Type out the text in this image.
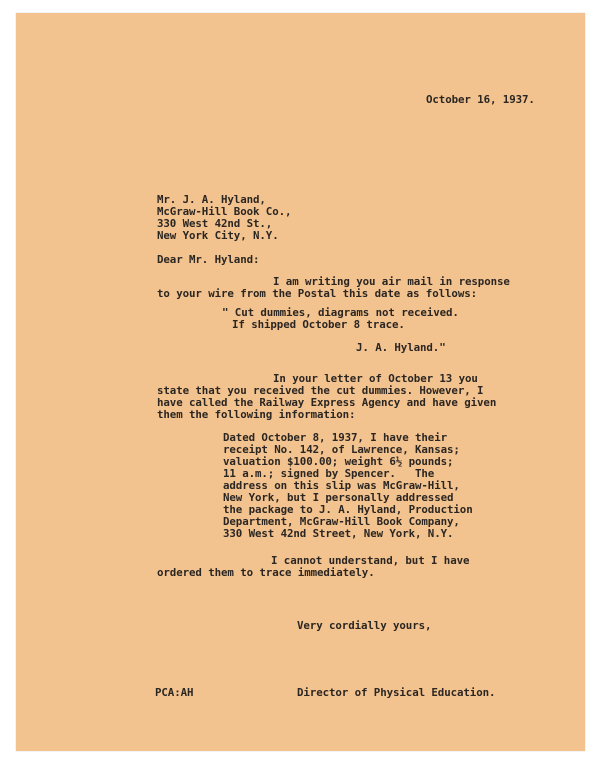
October 16, 1937.
Mr. J. A. Hyland,
McGraw-Hill Book Co.,
330 West 42nd St.,
New York City, N.Y.
Dear Mr. Hyland:
I am writing you air mail in response
to your wire from the Postal this date as follows:
" Cut dummies, diagrams not received.
If shipped October 8 trace.
J. A. Hyland."
In your letter of October 13 you
state that you received the cut dummies. However, I
have called the Railway Express Agency and have given
them the following information:
Dated October 8, 1937, I have their
receipt No. 142, of Lawrence, Kansas;
valuation $100.00; weight 6½ pounds;
11 a.m.; signed by Spencer.   The
address on this slip was McGraw-Hill,
New York, but I personally addressed
the package to J. A. Hyland, Production
Department, McGraw-Hill Book Company,
330 West 42nd Street, New York, N.Y.
I cannot understand, but I have
ordered them to trace immediately.
Very cordially yours,
PCA:AH	Director of Physical Education.
